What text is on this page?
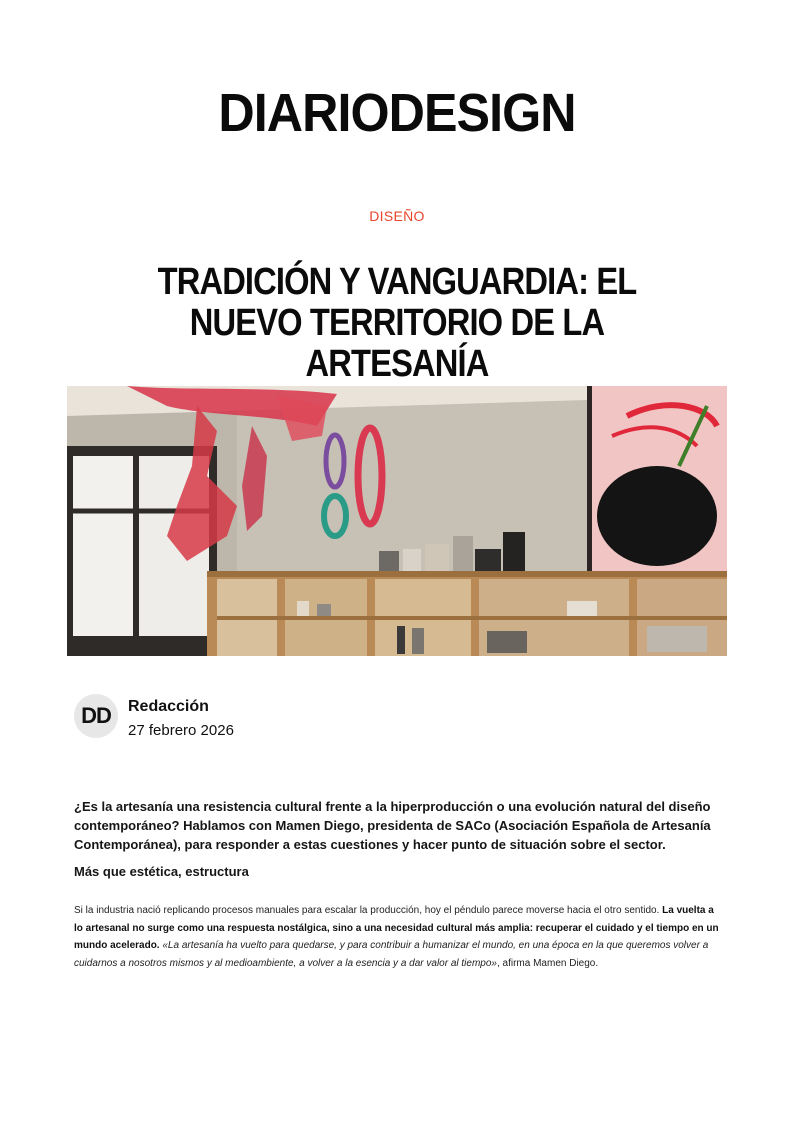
DIARIODESIGN
DISEÑO
TRADICIÓN Y VANGUARDIA: EL NUEVO TERRITORIO DE LA ARTESANÍA
DD	Redacción
27 febrero 2026

¿Es la artesanía una resistencia cultural frente a la hiperproducción o una evolución natural del diseño contemporáneo? Hablamos con Mamen Diego, presidenta de SACo (Asociación Española de Artesanía Contemporánea), para responder a estas cuestiones y hacer punto de situación sobre el sector.

Más que estética, estructura

Si la industria nació replicando procesos manuales para escalar la producción, hoy el péndulo parece moverse hacia el otro sentido. La vuelta a lo artesanal no surge como una respuesta nostálgica, sino a una necesidad cultural más amplia: recuperar el cuidado y el tiempo en un mundo acelerado. «La artesanía ha vuelto para quedarse, y para contribuir a humanizar el mundo, en una época en la que queremos volver a cuidarnos a nosotros mismos y al medioambiente, a volver a la esencia y a dar valor al tiempo», afirma Mamen Diego.
